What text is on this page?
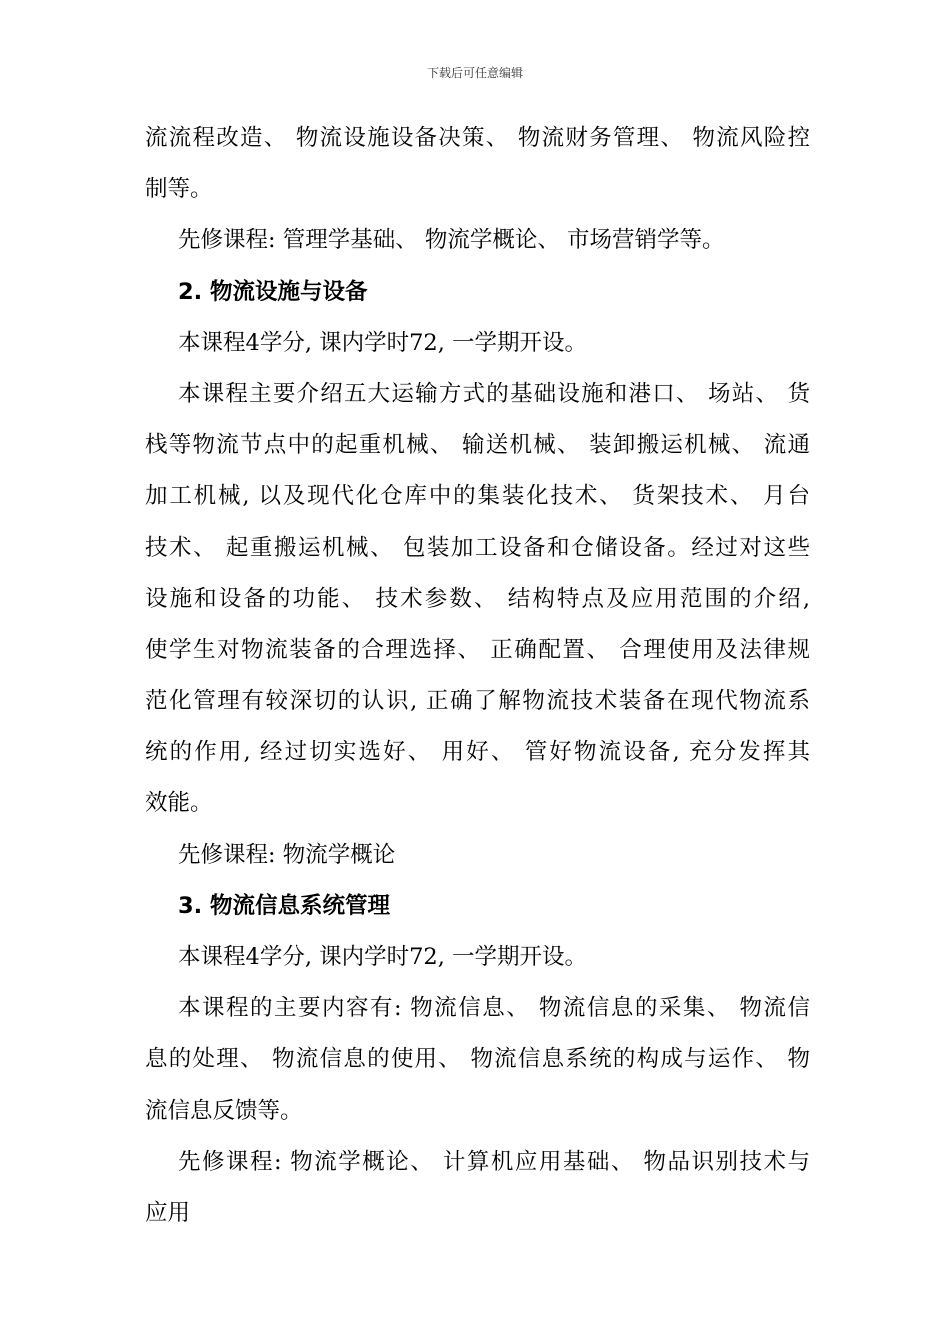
下载后可任意编辑
流流程改造、 物流设施设备决策、 物流财务管理、 物流风险控
制等。
先修课程: 管理学基础、 物流学概论、 市场营销学等。
2. 物流设施与设备
本课程4学分, 课内学时72, 一学期开设。
本课程主要介绍五大运输方式的基础设施和港口、 场站、 货
栈等物流节点中的起重机械、 输送机械、 装卸搬运机械、 流通
加工机械, 以及现代化仓库中的集装化技术、 货架技术、 月台
技术、 起重搬运机械、 包装加工设备和仓储设备。经过对这些
设施和设备的功能、 技术参数、 结构特点及应用范围的介绍,
使学生对物流装备的合理选择、 正确配置、 合理使用及法律规
范化管理有较深切的认识, 正确了解物流技术装备在现代物流系
统的作用, 经过切实选好、 用好、 管好物流设备, 充分发挥其
效能。
先修课程: 物流学概论
3. 物流信息系统管理
本课程4学分, 课内学时72, 一学期开设。
本课程的主要内容有: 物流信息、 物流信息的采集、 物流信
息的处理、 物流信息的使用、 物流信息系统的构成与运作、 物
流信息反馈等。
先修课程: 物流学概论、 计算机应用基础、 物品识别技术与
应用
